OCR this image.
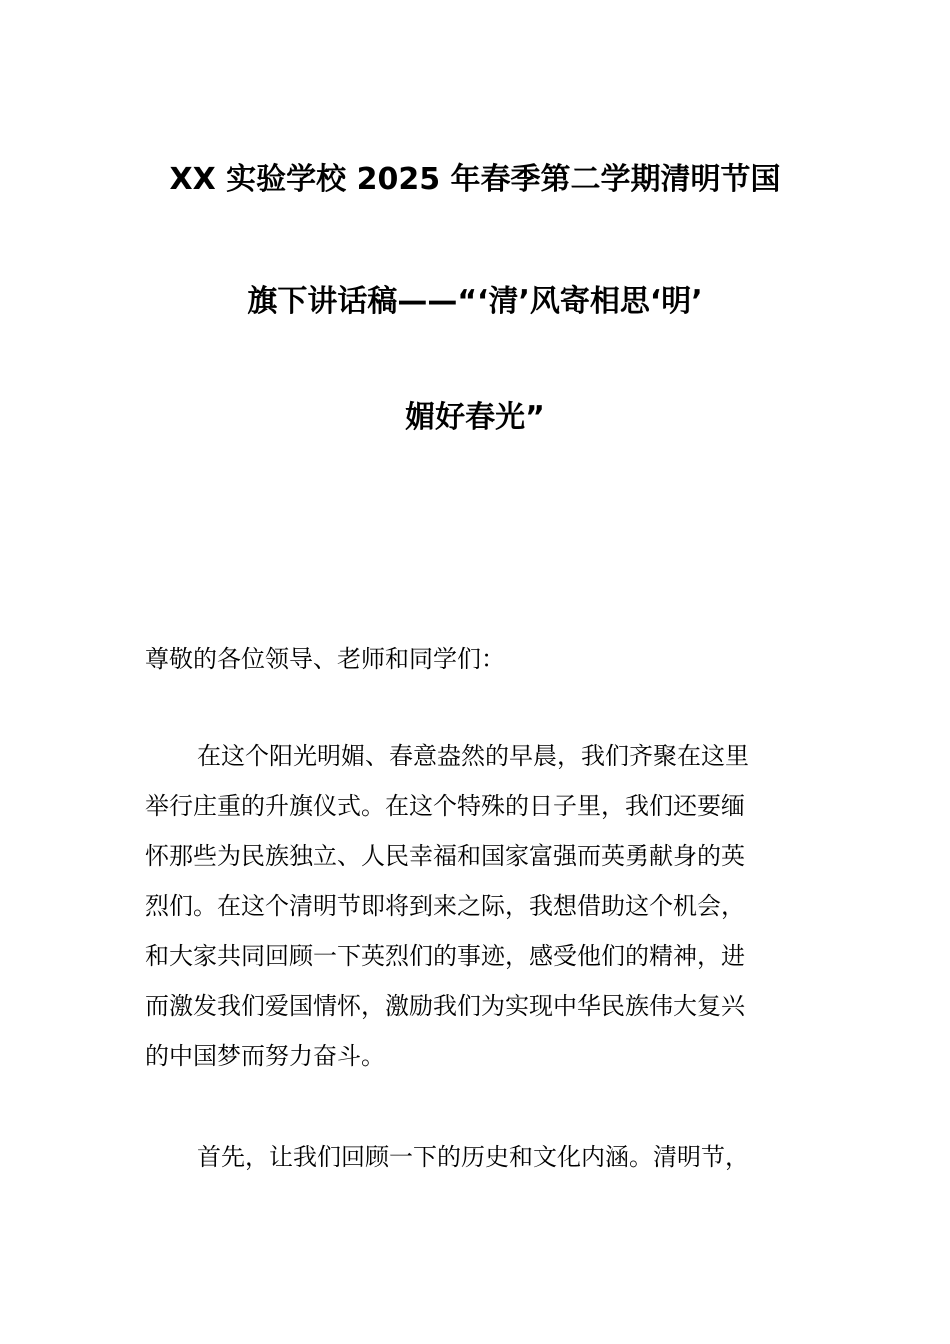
XX 实验学校 2025 年春季第二学期清明节国
旗下讲话稿——“‘清’风寄相思‘明’
媚好春光”
尊敬的各位领导、老师和同学们：
在这个阳光明媚、春意盎然的早晨，我们齐聚在这里
举行庄重的升旗仪式。在这个特殊的日子里，我们还要缅
怀那些为民族独立、人民幸福和国家富强而英勇献身的英
烈们。在这个清明节即将到来之际，我想借助这个机会，
和大家共同回顾一下英烈们的事迹，感受他们的精神，进
而激发我们爱国情怀，激励我们为实现中华民族伟大复兴
的中国梦而努力奋斗。
首先，让我们回顾一下的历史和文化内涵。清明节，
